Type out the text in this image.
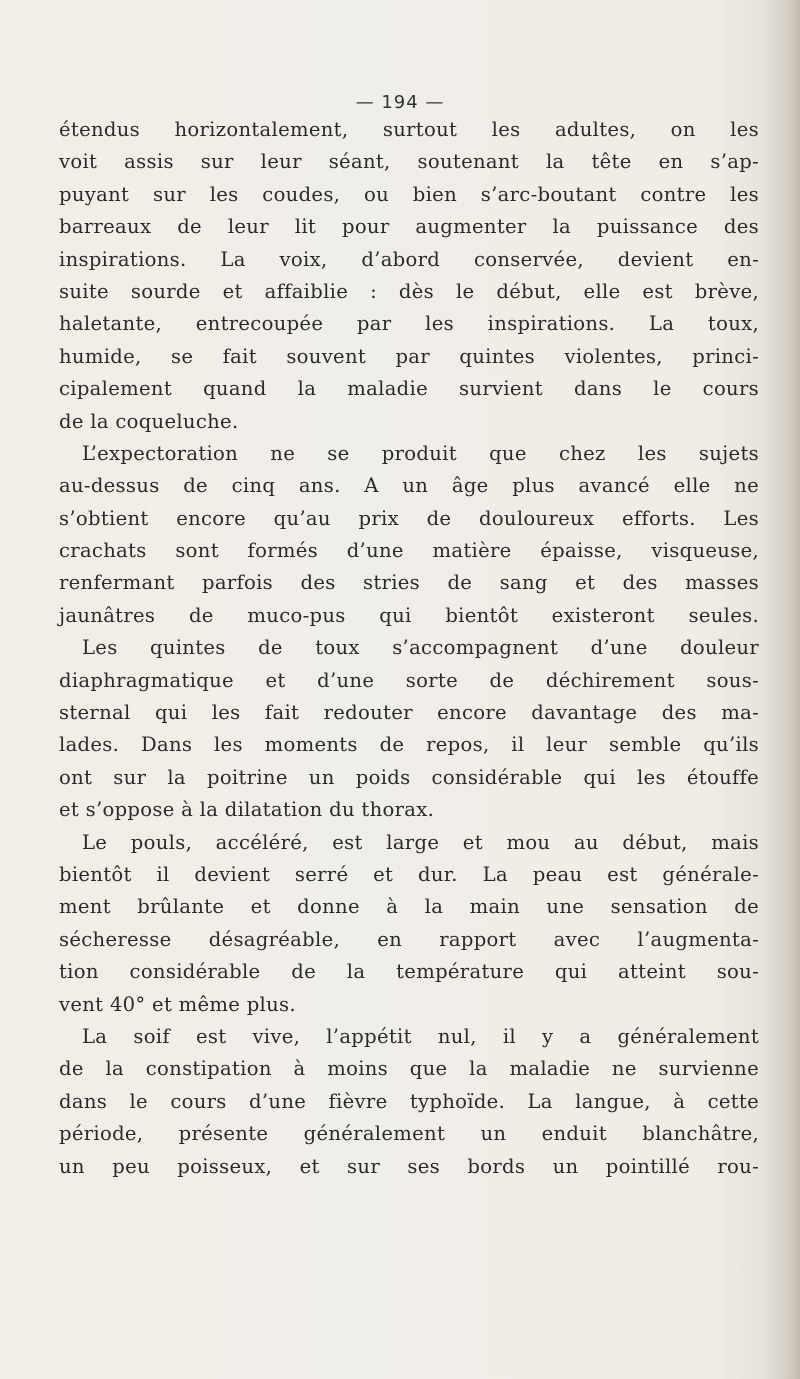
— 194 —
étendus horizontalement, surtout les adultes, on les
voit assis sur leur séant, soutenant la tête en s’ap-
puyant sur les coudes, ou bien s’arc-boutant contre les
barreaux de leur lit pour augmenter la puissance des
inspirations. La voix, d’abord conservée, devient en-
suite sourde et affaiblie : dès le début, elle est brève,
haletante, entrecoupée par les inspirations. La toux,
humide, se fait souvent par quintes violentes, princi-
cipalement quand la maladie survient dans le cours
de la coqueluche.
L’expectoration ne se produit que chez les sujets
au-dessus de cinq ans. A un âge plus avancé elle ne
s’obtient encore qu’au prix de douloureux efforts. Les
crachats sont formés d’une matière épaisse, visqueuse,
renfermant parfois des stries de sang et des masses
jaunâtres de muco-pus qui bientôt existeront seules.
Les quintes de toux s’accompagnent d’une douleur
diaphragmatique et d’une sorte de déchirement sous-
sternal qui les fait redouter encore davantage des ma-
lades. Dans les moments de repos, il leur semble qu’ils
ont sur la poitrine un poids considérable qui les étouffe
et s’oppose à la dilatation du thorax.
Le pouls, accéléré, est large et mou au début, mais
bientôt il devient serré et dur. La peau est générale-
ment brûlante et donne à la main une sensation de
sécheresse désagréable, en rapport avec l’augmenta-
tion considérable de la température qui atteint sou-
vent 40° et même plus.
La soif est vive, l’appétit nul, il y a généralement
de la constipation à moins que la maladie ne survienne
dans le cours d’une fièvre typhoïde. La langue, à cette
période, présente généralement un enduit blanchâtre,
un peu poisseux, et sur ses bords un pointillé rou-
